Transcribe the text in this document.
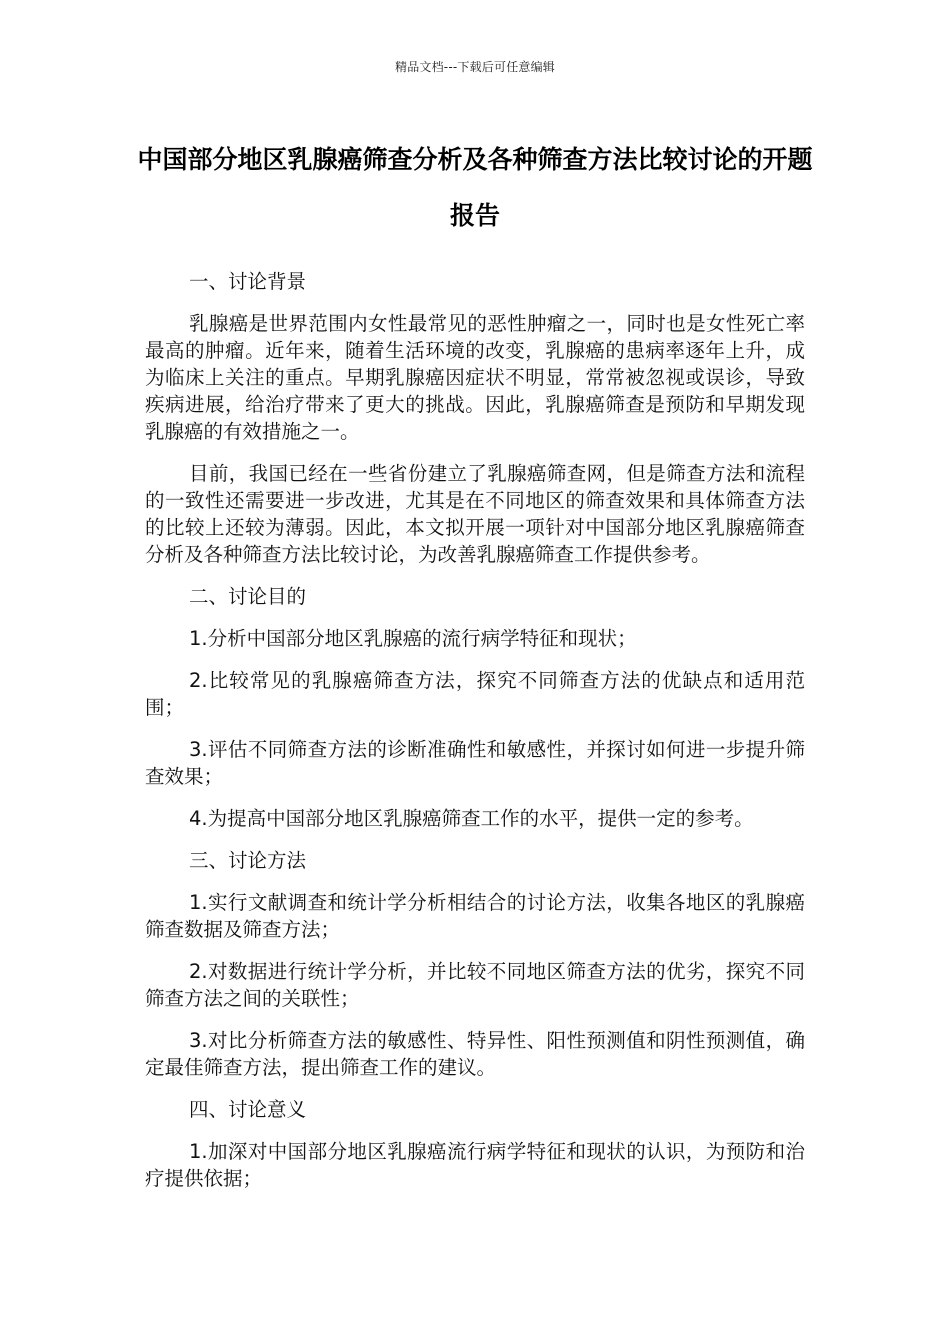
精品文档---下载后可任意编辑
中国部分地区乳腺癌筛查分析及各种筛查方法比较讨论的开题报告

一、讨论背景

乳腺癌是世界范围内女性最常见的恶性肿瘤之一，同时也是女性死亡率最高的肿瘤。近年来，随着生活环境的改变，乳腺癌的患病率逐年上升，成为临床上关注的重点。早期乳腺癌因症状不明显，常常被忽视或误诊，导致疾病进展，给治疗带来了更大的挑战。因此，乳腺癌筛查是预防和早期发现乳腺癌的有效措施之一。

目前，我国已经在一些省份建立了乳腺癌筛查网，但是筛查方法和流程的一致性还需要进一步改进，尤其是在不同地区的筛查效果和具体筛查方法的比较上还较为薄弱。因此，本文拟开展一项针对中国部分地区乳腺癌筛查分析及各种筛查方法比较讨论，为改善乳腺癌筛查工作提供参考。

二、讨论目的

1.分析中国部分地区乳腺癌的流行病学特征和现状；

2.比较常见的乳腺癌筛查方法，探究不同筛查方法的优缺点和适用范围；

3.评估不同筛查方法的诊断准确性和敏感性，并探讨如何进一步提升筛查效果；

4.为提高中国部分地区乳腺癌筛查工作的水平，提供一定的参考。

三、讨论方法

1.实行文献调查和统计学分析相结合的讨论方法，收集各地区的乳腺癌筛查数据及筛查方法；

2.对数据进行统计学分析，并比较不同地区筛查方法的优劣，探究不同筛查方法之间的关联性；

3.对比分析筛查方法的敏感性、特异性、阳性预测值和阴性预测值，确定最佳筛查方法，提出筛查工作的建议。

四、讨论意义

1.加深对中国部分地区乳腺癌流行病学特征和现状的认识，为预防和治疗提供依据；
